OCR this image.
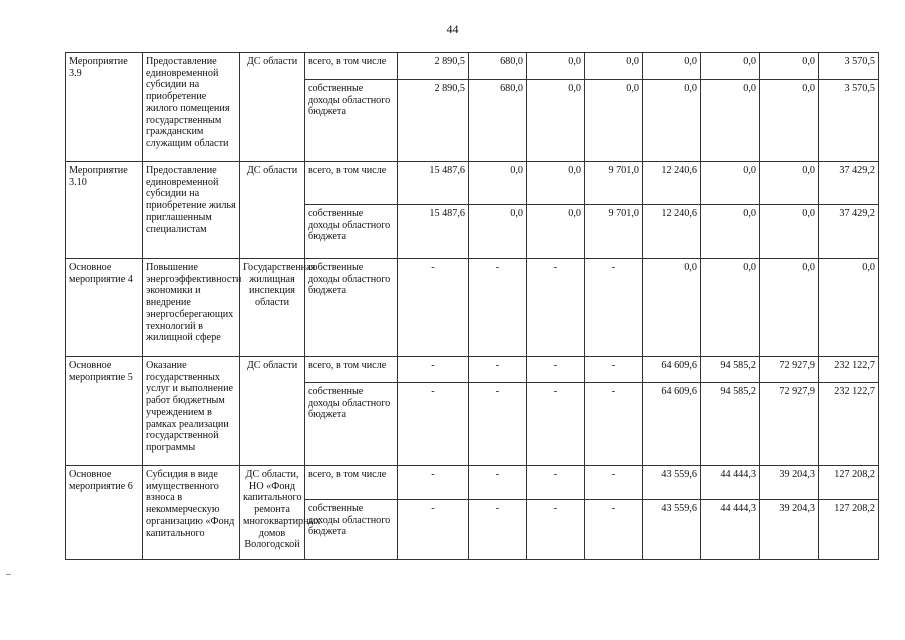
44
Мероприятие 3.9	Предоставление единовременной субсидии на приобретение жилого помещения государственным гражданским служащим области	ДС области	всего, в том числе	2 890,5	680,0	0,0	0,0	0,0	0,0	0,0	3 570,5
			собственные доходы областного бюджета	2 890,5	680,0	0,0	0,0	0,0	0,0	0,0	3 570,5
Мероприятие 3.10	Предоставление единовременной субсидии на приобретение жилья приглашенным специалистам	ДС области	всего, в том числе	15 487,6	0,0	0,0	9 701,0	12 240,6	0,0	0,0	37 429,2
			собственные доходы областного бюджета	15 487,6	0,0	0,0	9 701,0	12 240,6	0,0	0,0	37 429,2
Основное мероприятие 4	Повышение энергоэффективности экономики и внедрение энергосберегающих технологий в жилищной сфере	Государственная жилищная инспекция области	собственные доходы областного бюджета	-	-	-	-	0,0	0,0	0,0	0,0
Основное мероприятие 5	Оказание государственных услуг и выполнение работ бюджетным учреждением в рамках реализации государственной программы	ДС области	всего, в том числе	-	-	-	-	64 609,6	94 585,2	72 927,9	232 122,7
			собственные доходы областного бюджета	-	-	-	-	64 609,6	94 585,2	72 927,9	232 122,7
Основное мероприятие 6	Субсидия в виде имущественного взноса в некоммерческую организацию «Фонд капитального	ДС области, НО «Фонд капитального ремонта многоквартирных домов Вологодской	всего, в том числе	-	-	-	-	43 559,6	44 444,3	39 204,3	127 208,2
			собственные доходы областного бюджета	-	-	-	-	43 559,6	44 444,3	39 204,3	127 208,2
